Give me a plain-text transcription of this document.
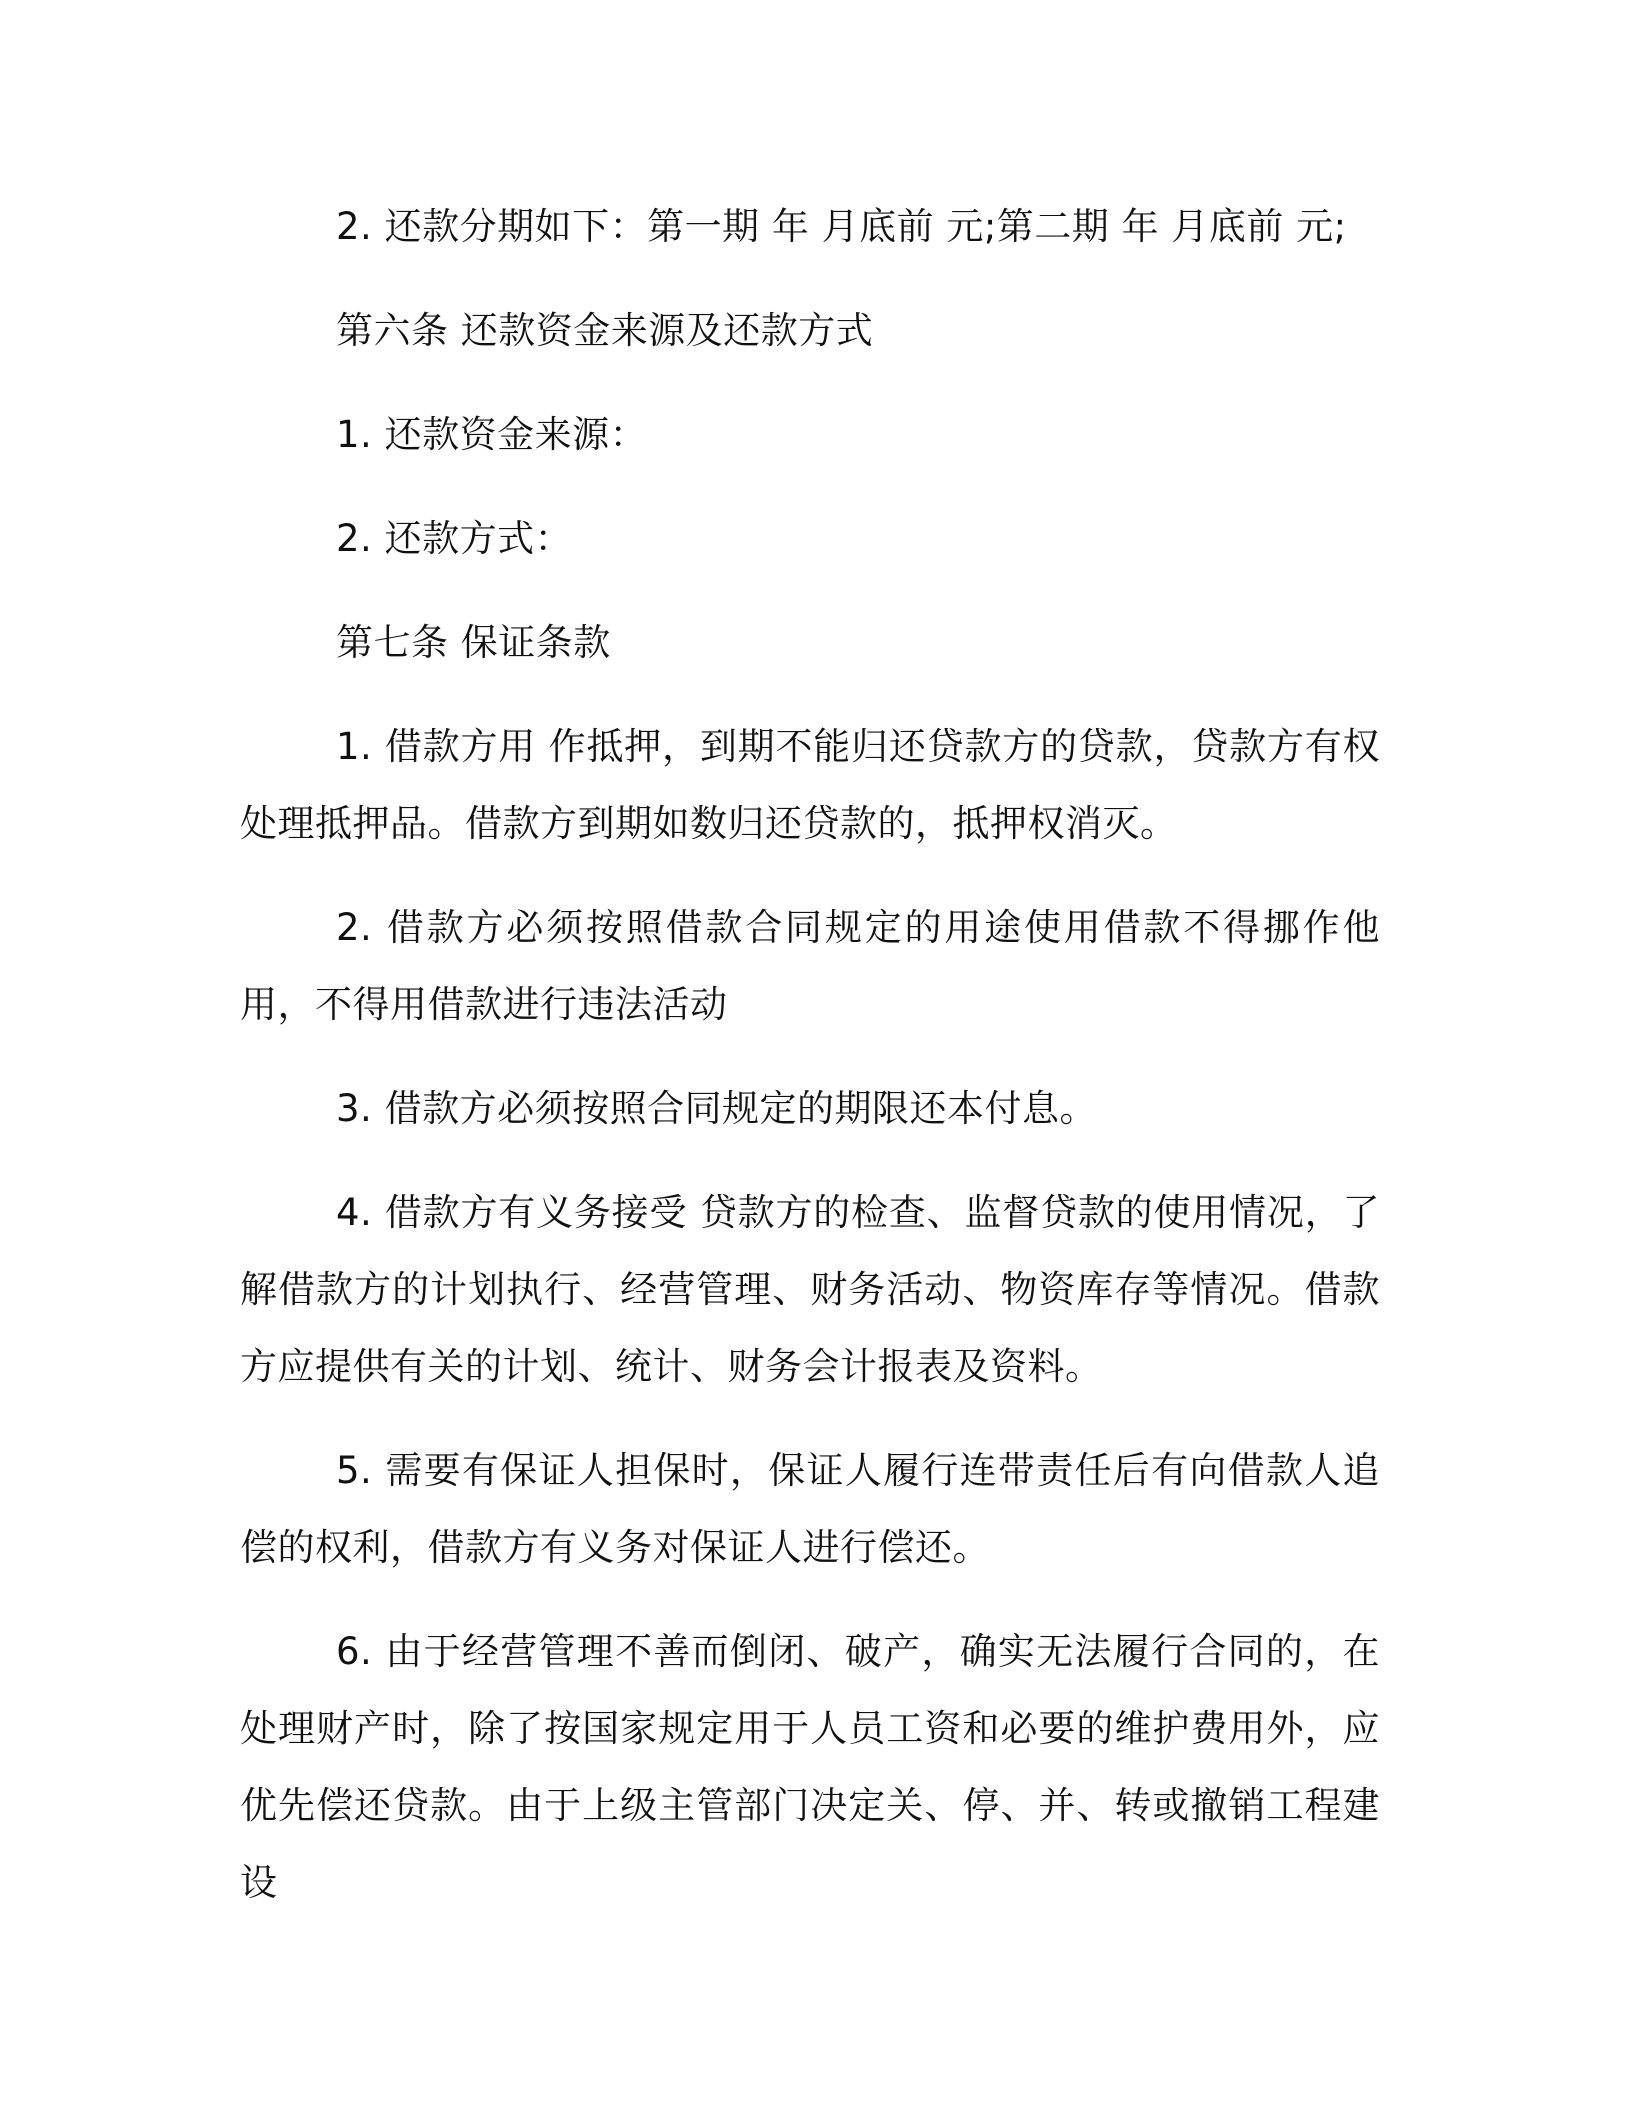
2. 还款分期如下：第一期 年 月底前 元;第二期 年 月底前 元;

第六条 还款资金来源及还款方式

1. 还款资金来源：

2. 还款方式：

第七条 保证条款

1. 借款方用 作抵押，到期不能归还贷款方的贷款，贷款方有权处理抵押品。借款方到期如数归还贷款的，抵押权消灭。

2. 借款方必须按照借款合同规定的用途使用借款不得挪作他用，不得用借款进行违法活动

3. 借款方必须按照合同规定的期限还本付息。

4. 借款方有义务接受 贷款方的检查、监督贷款的使用情况，了解借款方的计划执行、经营管理、财务活动、物资库存等情况。借款方应提供有关的计划、统计、财务会计报表及资料。

5. 需要有保证人担保时，保证人履行连带责任后有向借款人追偿的权利，借款方有义务对保证人进行偿还。

6. 由于经营管理不善而倒闭、破产，确实无法履行合同的，在处理财产时，除了按国家规定用于人员工资和必要的维护费用外，应优先偿还贷款。由于上级主管部门决定关、停、并、转或撤销工程建设
